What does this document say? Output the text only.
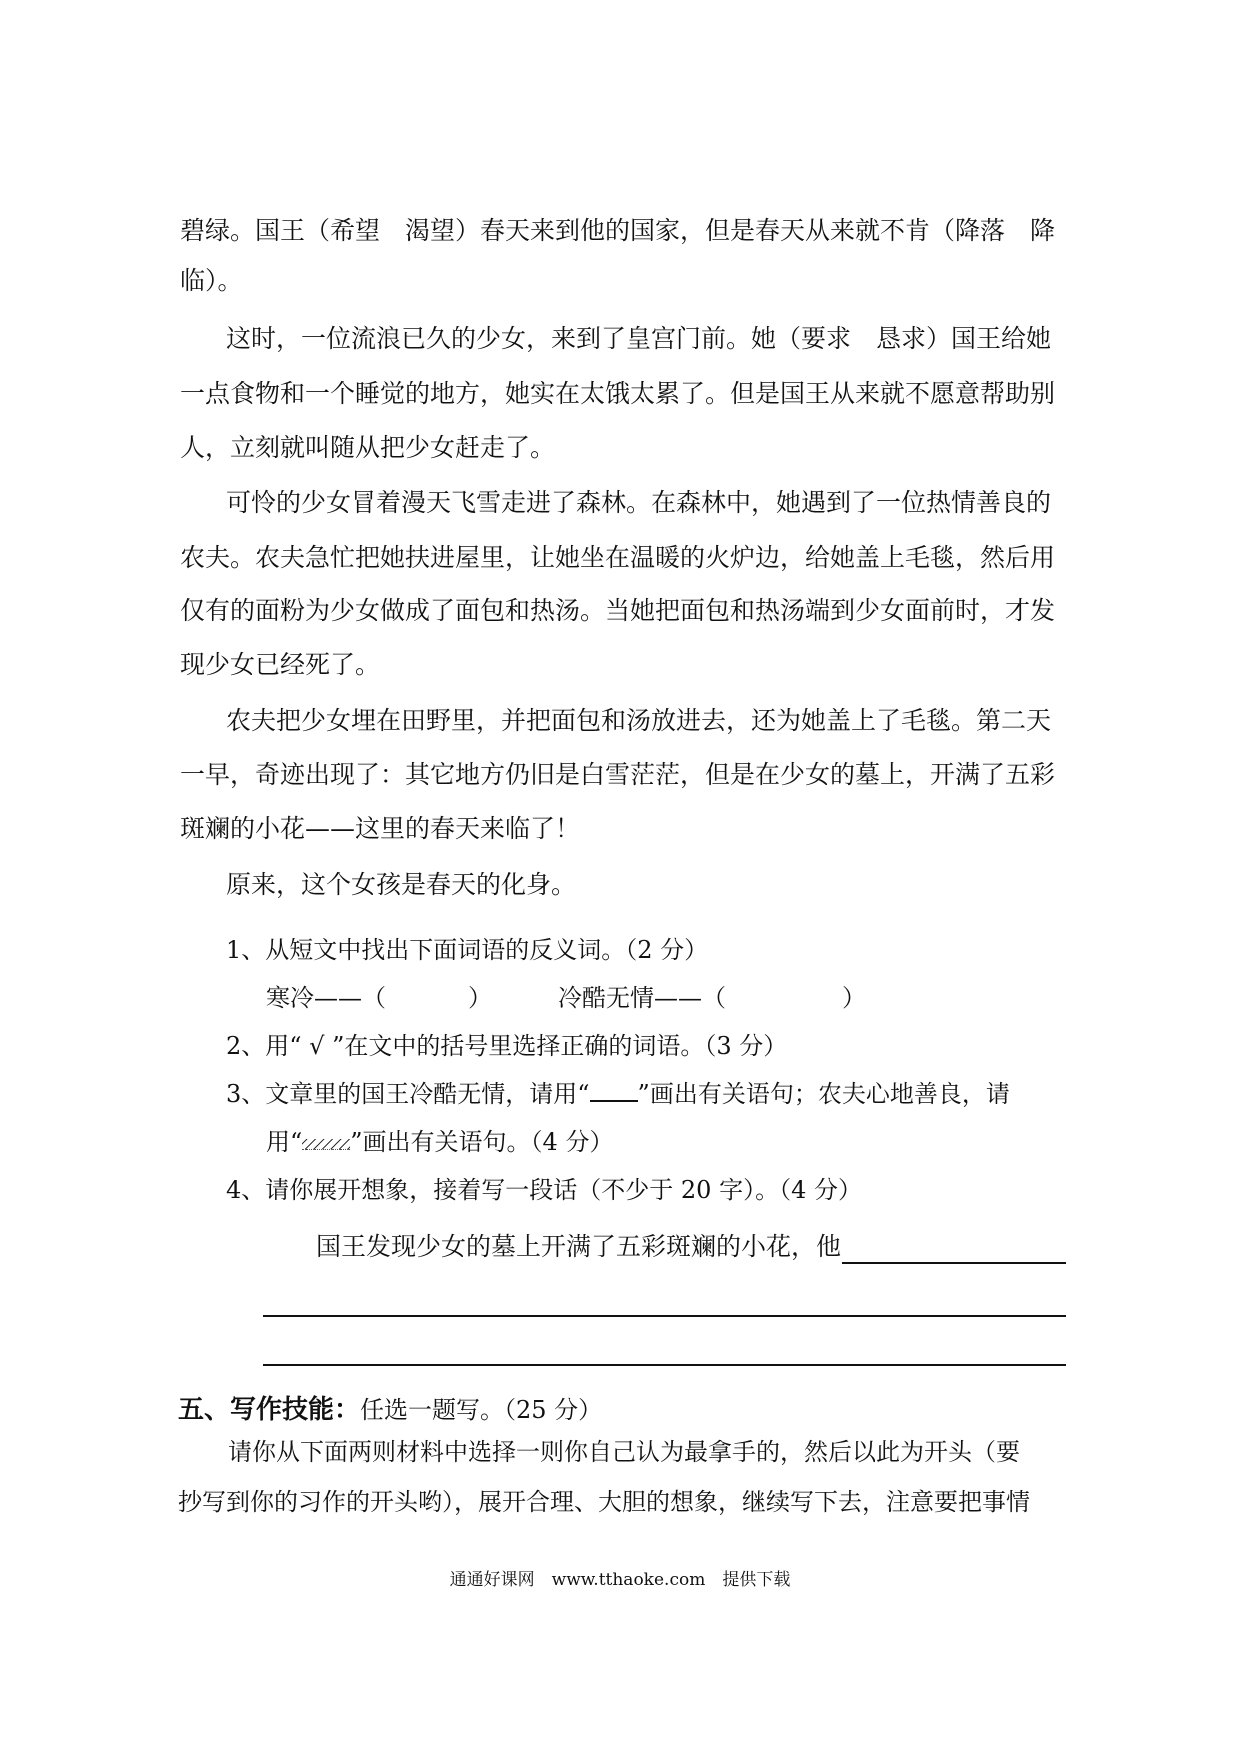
碧绿。国王（希望　渴望）春天来到他的国家，但是春天从来就不肯（降落　降
临）。
这时，一位流浪已久的少女，来到了皇宫门前。她（要求　恳求）国王给她
一点食物和一个睡觉的地方，她实在太饿太累了。但是国王从来就不愿意帮助别
人，立刻就叫随从把少女赶走了。
可怜的少女冒着漫天飞雪走进了森林。在森林中，她遇到了一位热情善良的
农夫。农夫急忙把她扶进屋里，让她坐在温暖的火炉边，给她盖上毛毯，然后用
仅有的面粉为少女做成了面包和热汤。当她把面包和热汤端到少女面前时，才发
现少女已经死了。
农夫把少女埋在田野里，并把面包和汤放进去，还为她盖上了毛毯。第二天
一早，奇迹出现了：其它地方仍旧是白雪茫茫，但是在少女的墓上，开满了五彩
斑斓的小花——这里的春天来临了！
原来，这个女孩是春天的化身。
1、从短文中找出下面词语的反义词。（2 分）
寒冷——（	）	冷酷无情——（	）
2、用“ √ ”在文中的括号里选择正确的词语。（3 分）
3、文章里的国王冷酷无情，请用“ ”画出有关语句；农夫心地善良，请
用“ ”画出有关语句。（4 分）
4、请你展开想象，接着写一段话（不少于 20 字）。（4 分）
国王发现少女的墓上开满了五彩斑斓的小花，他
五、写作技能：任选一题写。（25 分）
请你从下面两则材料中选择一则你自己认为最拿手的，然后以此为开头（要
抄写到你的习作的开头哟），展开合理、大胆的想象，继续写下去，注意要把事情
通通好课网　www.tthaoke.com　提供下载
